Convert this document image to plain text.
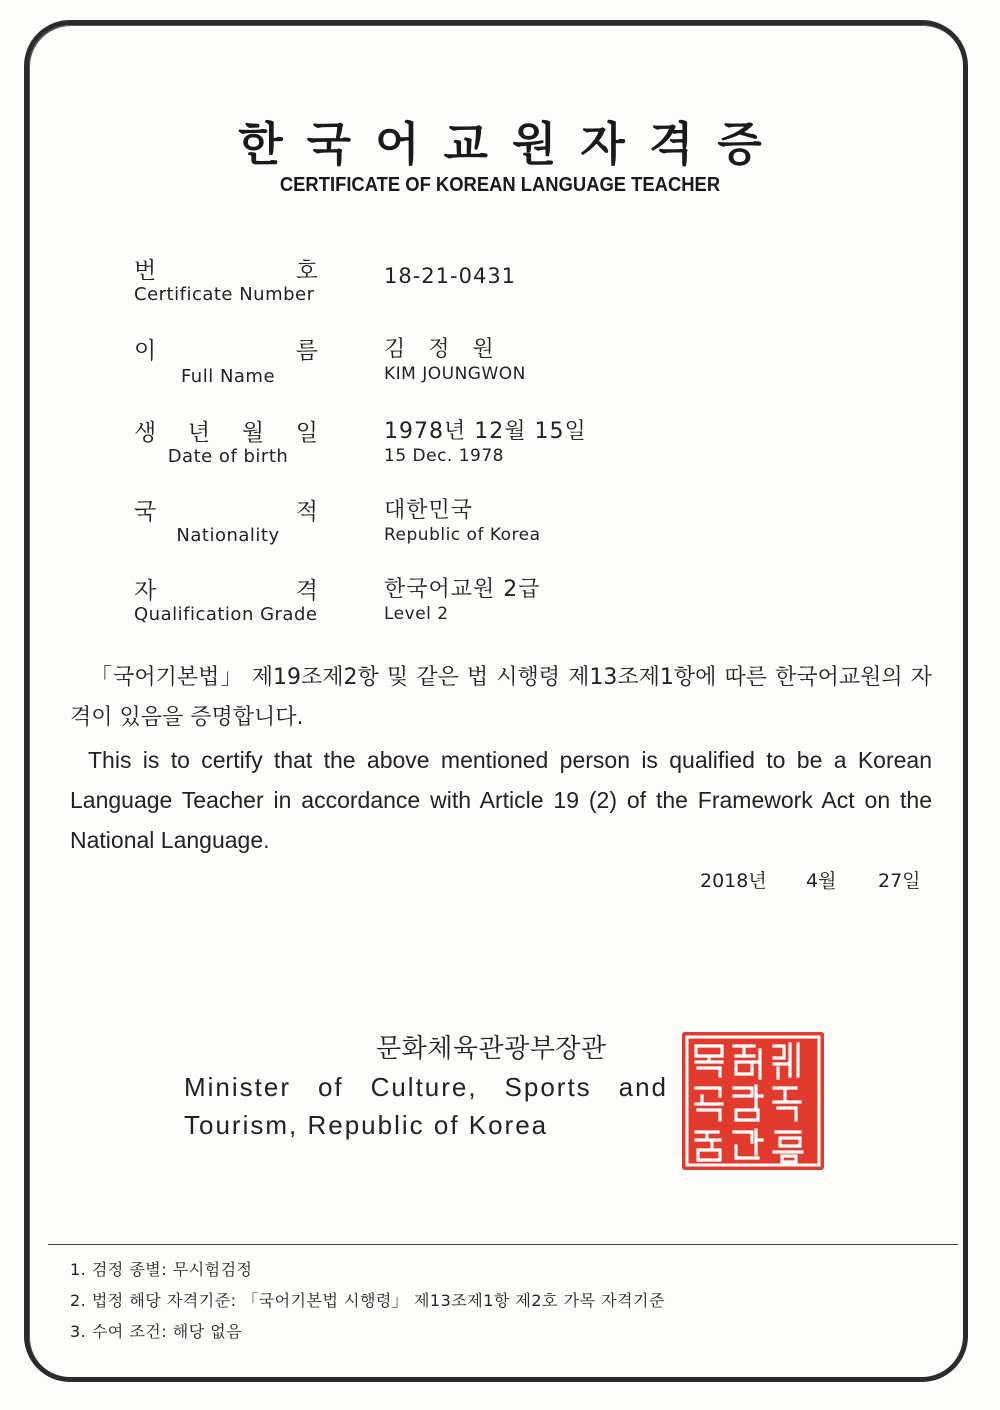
한국어교원자격증
CERTIFICATE OF KOREAN LANGUAGE TEACHER
번	호
Certificate Number
18-21-0431
이	름
Full Name
김 정 원
KIM JOUNGWON
생 년 월 일
Date of birth
1978년 12월 15일
15 Dec. 1978
국	적
Nationality
대한민국
Republic of Korea
자	격
Qualification Grade
한국어교원 2급
Level 2
「국어기본법」 제19조제2항 및 같은 법 시행령 제13조제1항에 따른 한국어교원의 자격이 있음을 증명합니다.
This is to certify that the above mentioned person is qualified to be a Korean Language Teacher in accordance with Article 19 (2) of the Framework Act on the National Language.
2018년 4월 27일
문화체육관광부장관
Minister of Culture, Sports and Tourism, Republic of Korea
1. 검정 종별: 무시험검정
2. 법정 해당 자격기준: 「국어기본법 시행령」 제13조제1항 제2호 가목 자격기준
3. 수여 조건: 해당 없음
